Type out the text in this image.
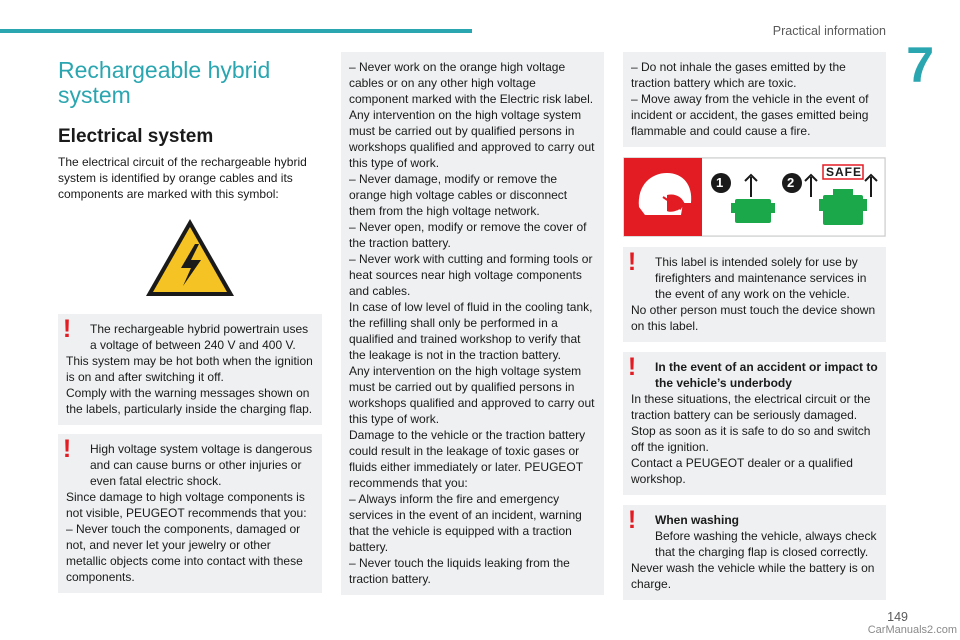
Practical information
7
Rechargeable hybrid system
Electrical system

The electrical circuit of the rechargeable hybrid system is identified by orange cables and its components are marked with this symbol:

!	The rechargeable hybrid powertrain uses a voltage of between 240 V and 400 V.

This system may be hot both when the ignition is on and after switching it off.

Comply with the warning messages shown on the labels, particularly inside the charging flap.

!	High voltage system voltage is dangerous and can cause burns or other injuries or even fatal electric shock.

Since damage to high voltage components is not visible, PEUGEOT recommends that you:

– Never touch the components, damaged or not, and never let your jewelry or other metallic objects come into contact with these components.

– Never work on the orange high voltage cables or on any other high voltage component marked with the Electric risk label.

Any intervention on the high voltage system must be carried out by qualified persons in workshops qualified and approved to carry out this type of work.

– Never damage, modify or remove the orange high voltage cables or disconnect them from the high voltage network.

– Never open, modify or remove the cover of the traction battery.

– Never work with cutting and forming tools or heat sources near high voltage components and cables.

In case of low level of fluid in the cooling tank, the refilling shall only be performed in a qualified and trained workshop to verify that the leakage is not in the traction battery.

Any intervention on the high voltage system must be carried out by qualified persons in workshops qualified and approved to carry out this type of work.

Damage to the vehicle or the traction battery could result in the leakage of toxic gases or fluids either immediately or later. PEUGEOT recommends that you:

– Always inform the fire and emergency services in the event of an incident, warning that the vehicle is equipped with a traction battery.

– Never touch the liquids leaking from the traction battery.

– Do not inhale the gases emitted by the traction battery which are toxic.

– Move away from the vehicle in the event of incident or accident, the gases emitted being flammable and could cause a fire.

1	2
SAFE
!	This label is intended solely for use by firefighters and maintenance services in the event of any work on the vehicle.

No other person must touch the device shown on this label.

!	In the event of an accident or impact to the vehicle’s underbody

In these situations, the electrical circuit or the traction battery can be seriously damaged.

Stop as soon as it is safe to do so and switch off the ignition.

Contact a PEUGEOT dealer or a qualified workshop.

!	When washing

Before washing the vehicle, always check that the charging flap is closed correctly.

Never wash the vehicle while the battery is on charge.

149
CarManuals2.com
